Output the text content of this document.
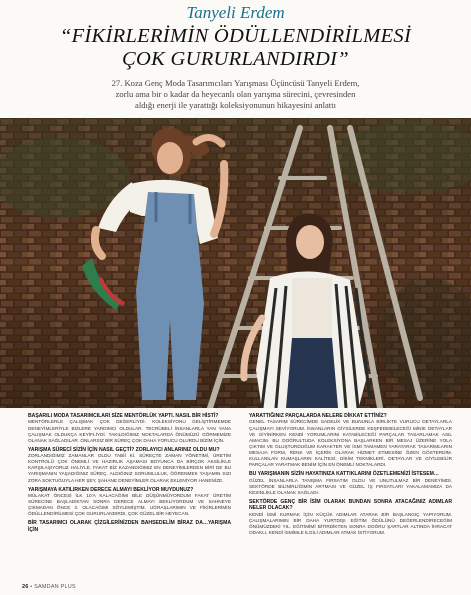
Tanyeli Erdem
“FİKİRLERİMİN ÖDÜLLENDİRİLMESİ
ÇOK GURURLANDIRDI”
27. Koza Genç Moda Tasarımcıları Yarışması Üçüncüsü Tanyeli Erdem, zorlu ama bir o kadar da heyecanlı olan yarışma sürecini, çevresinden aldığı enerji ile yarattığı koleksiyonunun hikayesini anlattı
BAŞARILI MODA TASARIMCILARI SİZE MENTÖRLÜK YAPTI. NASIL BİR HİSTİ?
MENTÖRLERLE ÇALIŞMAK ÇOK DEĞERLİYDİ. KOLEKSİYONU GELİŞTİRMEMDE DENEYİMLERİYLE BİZLERE YARDIMCI OLDULAR. TECRÜBELİ İNSANLARLA YAN YANA ÇALIŞMAK OLDUKÇA KEYİFLİYDİ. TAKILDIĞIMIZ NOKTALARDA ÖNÜMÜZÜ GÖRMEMİZE OLANAK SAĞLADILAR. ONLARSIZ BİR SÜREÇ ÇOK DAHA YORUCU OLURDU BİZİM İÇİN.
YARIŞMA SÜRECİ SİZİN İÇİN NASIL GEÇTİ? ZORLAYICI ANLARINIZ OLDU MU?
ZORLANDIĞIMIZ ZAMANLAR OLDU TABİİ Kİ. SÜREÇTE ZAMAN YÖNETİMİ, ÜRETİM KONTROLÜ ÇOK ÖNEMLİ VE HAZIRLIK AŞAMASI BOYUNCA DA BİRÇOK AKSİLİKLE KARŞILAŞIYORUZ HALİYLE. FAKAT BİZ KAZANDIĞIMIZ EN DENEYİMLERDEN BİRİ DE BU YARIŞMANIN YAŞADIĞINIZ SÜREÇ. ALDIĞINIZ SORUMLULUK, ÖĞRENMEK YAŞAMIN SIZI ZORA SOKTUĞUYLA HER ŞEY, ŞAHANE DENEYİMLER OLARAK EKLENİYOR HANENİZE.
YARIŞMAYA KATILIRKEN DERECE ALMAYI BEKLİYOR MUYDUNUZ?
MÜLAKAT ÖNCESİ İLK 10’A KALACAĞIMI BİLE DÜŞÜNMÜYORDUM FAKAT ÜRETİM SÜRECİNE BAŞLADIKTAN SONRA DERECE ALMAYI BEKLİYORDUM VE SAHNEYE ÇIKMADAN ÖNCE 3. OLACAĞIMI SÖYLEMİŞTİM. UĞRAŞLARIMIN VE FİKİRLERİMİN ÖDÜLLENDİRİLMESİ ÇOK GURURLANDIRDI, ÇOK GÜZEL BİR HEYECAN.
BİR TASARIMCI OLARAK ÇİZGİLERİNİZDEN BAHSEDELİM BİRAZ DA…YARIŞMA İÇİN
YARATTIĞINIZ PARÇALARDA NELERE DİKKAT ETTİNİZ?
GENEL TASARIM SÜRECİMDE SADELİK VE BUNUNLA BİRLİKTE VURUCU DETAYLARLA ÇALIŞMAYI SEVİYORUM. İNSANLARIN GİYSİLERDE KEŞFEDEBİLECEĞİ MİNİK DETAYLAR VE GİYİNİRKEN KENDİ YORUMLARINI KATABİLECEĞİ PARÇALAR TASARLAMAK ASIL AMACIM. BU DOĞRULTUDA KOLEKSİYONA BAŞLARKEN BİR MESAJ ÜZERİNE YOLA ÇIKTIM VE OLUŞTURDUĞUM KARAKTER VE İSMİ TAMAMEN YARATARAK TASARIMLARIN MESAJA FORM, RENK VE İÇERİK OLARAK HİZMET ETMESİNE ÖZEN GÖSTERDİM. KULLANILAN KUMAŞLARIN KALİTESİ, DİKİM TEKNİKLERİ, DETAYLAR VE GİYİLEBİLİR PARÇALAR YARATMAK BENİM İÇİN EN ÖNEMLİ NOKTALARDI.
BU YARIŞMANIN SİZİN HAYATINIZA KATTIKLARINI ÖZETLEMENİZİ İSTESEM…
GÜZEL İNSANLARLA TANIŞMA FIRSATIM OLDU VE UNUTULMAZ BİR DENEYİMDİ. SEKTÖRDE BİLİNİRLİĞİMİN ARTMASI VE GÜZEL İŞ FIRSATLARI YAKALAMAMIZA DA KESİNLİKLE OLANAK SAĞLADI.
SEKTÖRDE GENÇ BİR İSİM OLARAK BUNDAN SONRA ATACAĞINIZ ADIMLAR NELER OLACAK?
KENDİ İSMİ KURMAK İÇİN KÜÇÜK ADIMLAR ATARAK BİR BAŞLANGIÇ YAPIYORUM. ÇALIŞMALARIMIN BİR DAHA YURTDIŞI EĞİTİM ÖDÜLÜNÜ DEĞERLENDİRECEĞİM ÖNÜMÜZDEKİ YIL. EĞİTİMİMİ BİTİRDİKTEN SONRA DOĞRU ŞARTLAR ALTINDA İHRACAT ODAKLI, KENDİ İSMİMLE İLGİLİ ADIMLAR ATMAK İSTİYORUM.
26 • SAMDAN PLUS
